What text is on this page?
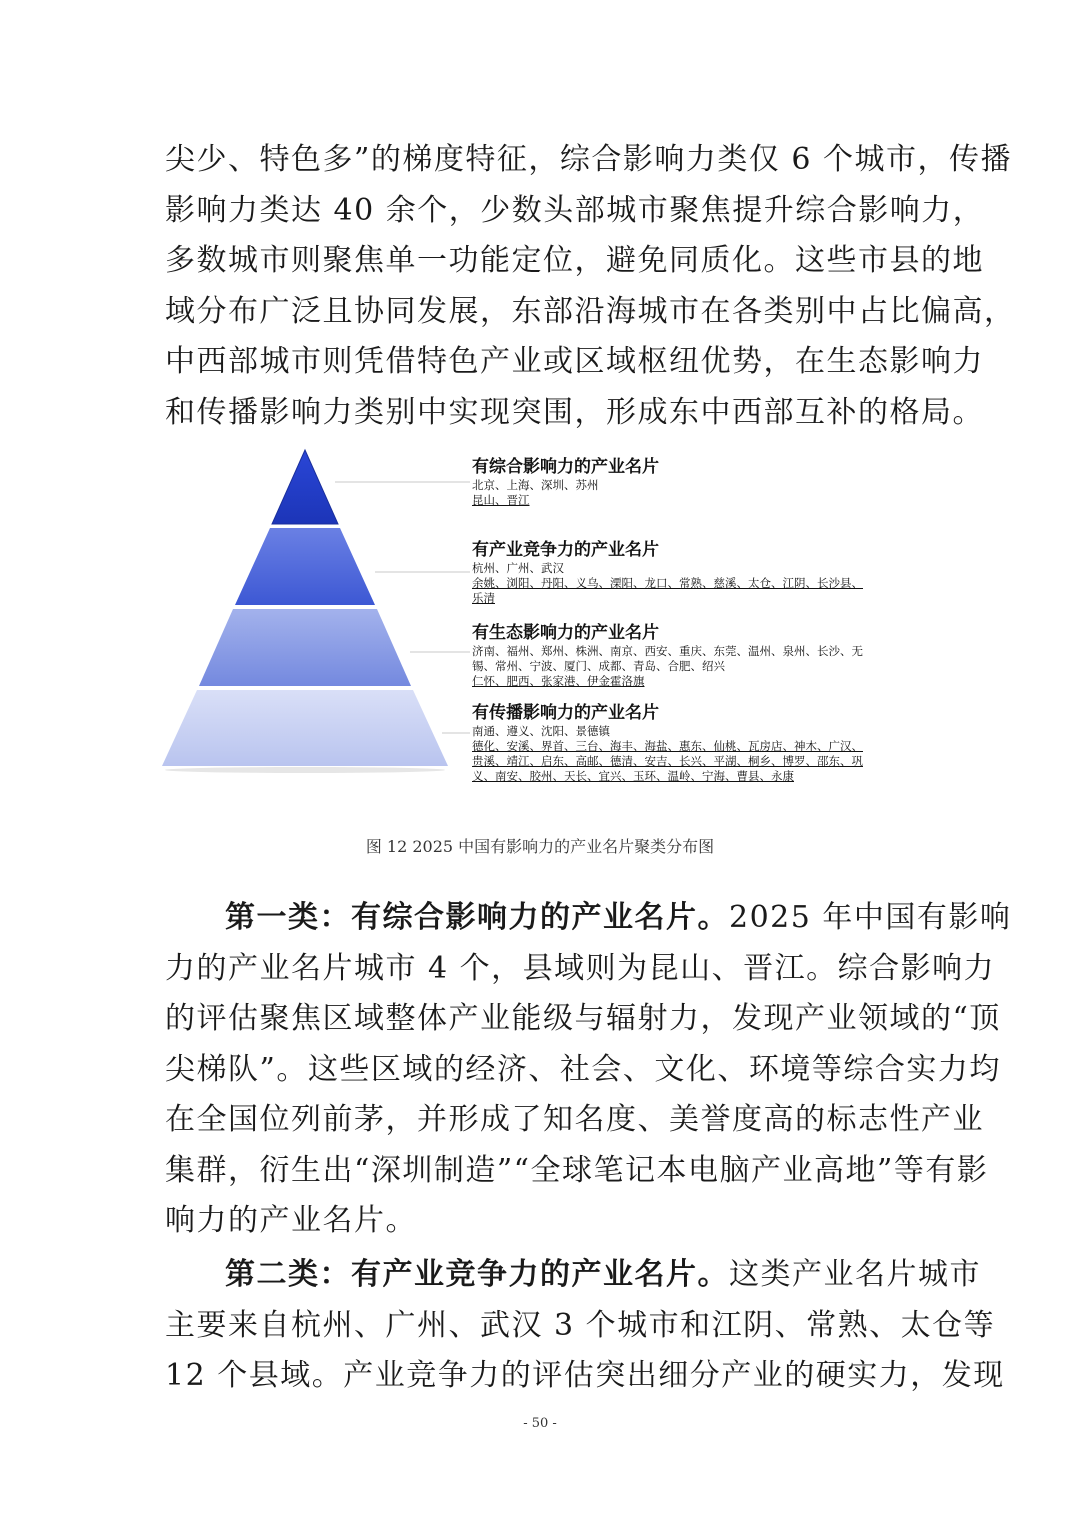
尖少、特色多”的梯度特征，综合影响力类仅 6 个城市，传播
影响力类达 40 余个，少数头部城市聚焦提升综合影响力，
多数城市则聚焦单一功能定位，避免同质化。这些市县的地
域分布广泛且协同发展，东部沿海城市在各类别中占比偏高，
中西部城市则凭借特色产业或区域枢纽优势，在生态影响力
和传播影响力类别中实现突围，形成东中西部互补的格局。
有综合影响力的产业名片
北京、上海、深圳、苏州
昆山、晋江
有产业竞争力的产业名片
杭州、广州、武汉
余姚、浏阳、丹阳、义乌、溧阳、龙口、常熟、慈溪、太仓、江阴、长沙县、
乐清
有生态影响力的产业名片
济南、福州、郑州、株洲、南京、西安、重庆、东莞、温州、泉州、长沙、无
锡、常州、宁波、厦门、成都、青岛、合肥、绍兴
仁怀、肥西、张家港、伊金霍洛旗
有传播影响力的产业名片
南通、遵义、沈阳、景德镇
德化、安溪、界首、三台、海丰、海盐、惠东、仙桃、瓦房店、神木、广汉、
贵溪、靖江、启东、高邮、德清、安吉、长兴、平湖、桐乡、博罗、邵东、巩
义、南安、胶州、天长、宜兴、玉环、温岭、宁海、曹县、永康
图 12 2025 中国有影响力的产业名片聚类分布图
第一类：有综合影响力的产业名片。2025 年中国有影响
力的产业名片城市 4 个，县域则为昆山、晋江。综合影响力
的评估聚焦区域整体产业能级与辐射力，发现产业领域的“顶
尖梯队”。这些区域的经济、社会、文化、环境等综合实力均
在全国位列前茅，并形成了知名度、美誉度高的标志性产业
集群，衍生出“深圳制造”“全球笔记本电脑产业高地”等有影
响力的产业名片。
第二类：有产业竞争力的产业名片。这类产业名片城市
主要来自杭州、广州、武汉 3 个城市和江阴、常熟、太仓等
12 个县域。产业竞争力的评估突出细分产业的硬实力，发现
- 50 -
